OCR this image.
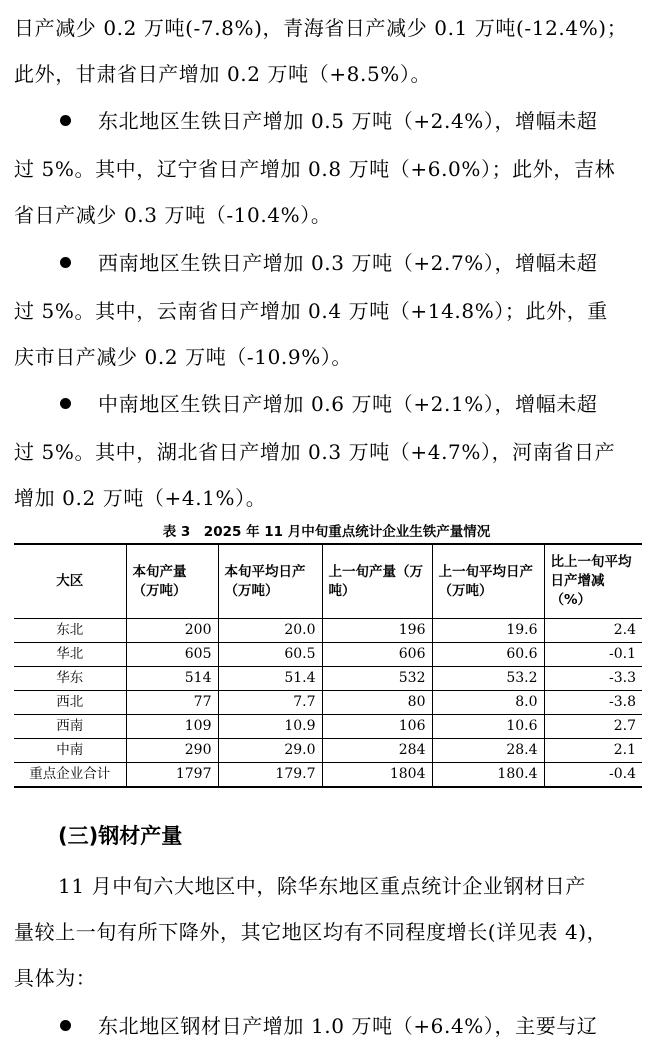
日产减少 0.2 万吨(-7.8%)，青海省日产减少 0.1 万吨(-12.4%)；
此外，甘肃省日产增加 0.2 万吨（+8.5%）。
东北地区生铁日产增加 0.5 万吨（+2.4%），增幅未超
过 5%。其中，辽宁省日产增加 0.8 万吨（+6.0%）；此外，吉林
省日产减少 0.3 万吨（-10.4%）。
西南地区生铁日产增加 0.3 万吨（+2.7%），增幅未超
过 5%。其中，云南省日产增加 0.4 万吨（+14.8%）；此外，重
庆市日产减少 0.2 万吨（-10.9%）。
中南地区生铁日产增加 0.6 万吨（+2.1%），增幅未超
过 5%。其中，湖北省日产增加 0.3 万吨（+4.7%），河南省日产
增加 0.2 万吨（+4.1%）。
表 3　2025 年 11 月中旬重点统计企业生铁产量情况
大区	本旬产量（万吨）	本旬平均日产（万吨）	上一旬产量（万吨）	上一旬平均日产（万吨）	比上一旬平均日产增减（%）
东北	200	20.0	196	19.6	2.4
华北	605	60.5	606	60.6	-0.1
华东	514	51.4	532	53.2	-3.3
西北	77	7.7	80	8.0	-3.8
西南	109	10.9	106	10.6	2.7
中南	290	29.0	284	28.4	2.1
重点企业合计	1797	179.7	1804	180.4	-0.4
(三)钢材产量
11 月中旬六大地区中，除华东地区重点统计企业钢材日产
量较上一旬有所下降外，其它地区均有不同程度增长(详见表 4)，
具体为：
东北地区钢材日产增加 1.0 万吨（+6.4%），主要与辽
